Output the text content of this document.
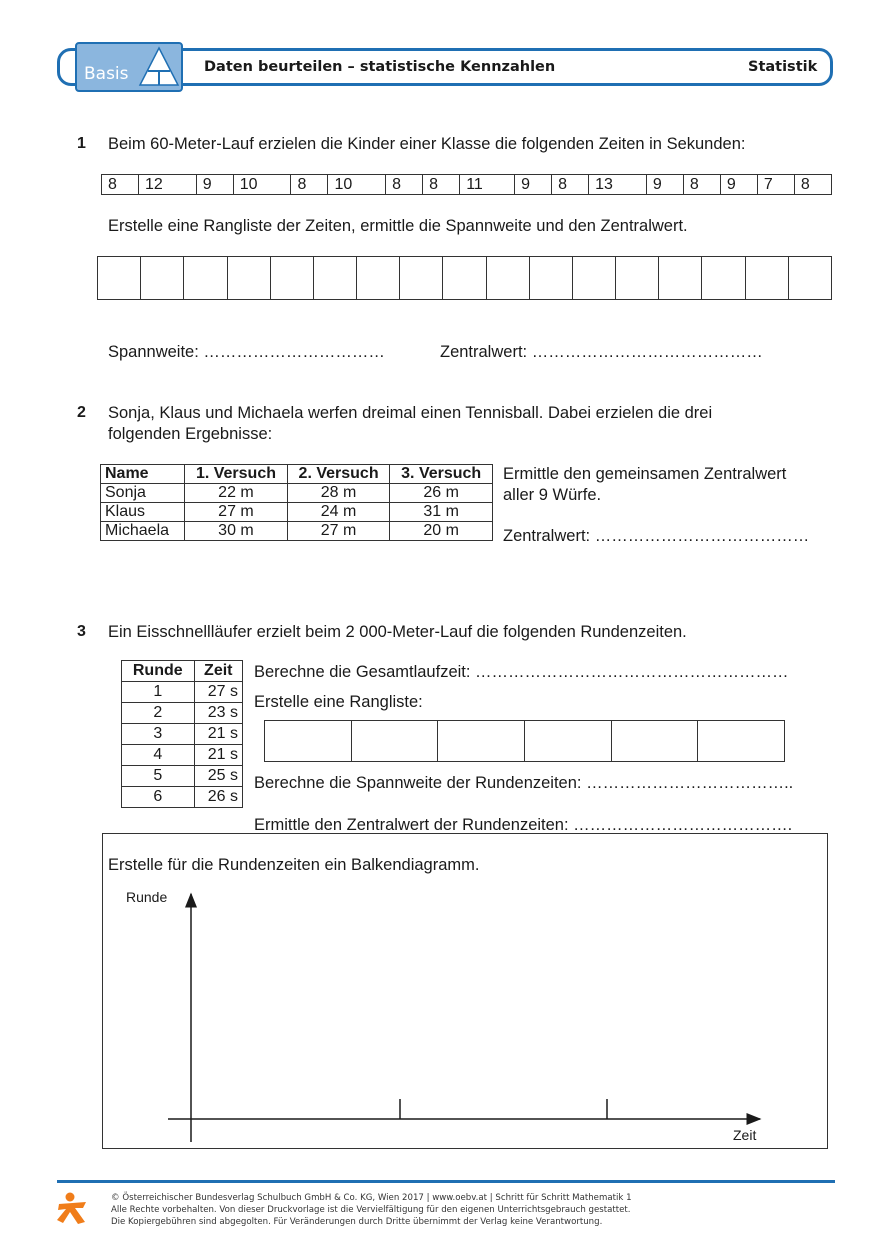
Basis	Daten beurteilen – statistische Kennzahlen	Statistik
1 Beim 60-Meter-Lauf erzielen die Kinder einer Klasse die folgenden Zeiten in Sekunden:
8	12	9	10	8	10	8	8	11	9	8	13	9	8	9	7	8
Erstelle eine Rangliste der Zeiten, ermittle die Spannweite und den Zentralwert.

Spannweite: ……………………………	Zentralwert: ……………………………………
2 Sonja, Klaus und Michaela werfen dreimal einen Tennisball. Dabei erzielen die drei
folgenden Ergebnisse:
Name	1. Versuch	2. Versuch	3. Versuch
Sonja	22 m	28 m	26 m
Klaus	27 m	24 m	31 m
Michaela	30 m	27 m	20 m
Ermittle den gemeinsamen Zentralwert
aller 9 Würfe.
Zentralwert: …………………………………
3 Ein Eisschnellläufer erzielt beim 2 000-Meter-Lauf die folgenden Rundenzeiten.
Runde	Zeit
1	27 s
2	23 s
3	21 s
4	21 s
5	25 s
6	26 s
Berechne die Gesamtlaufzeit: …………………………………………………
Erstelle eine Rangliste:

Berechne die Spannweite der Rundenzeiten: ………………………………..
Ermittle den Zentralwert der Rundenzeiten: ………………………………….
Erstelle für die Rundenzeiten ein Balkendiagramm.
Runde
Zeit
© Österreichischer Bundesverlag Schulbuch GmbH & Co. KG, Wien 2017 | www.oebv.at | Schritt für Schritt Mathematik 1
Alle Rechte vorbehalten. Von dieser Druckvorlage ist die Vervielfältigung für den eigenen Unterrichtsgebrauch gestattet.
Die Kopiergebühren sind abgegolten. Für Veränderungen durch Dritte übernimmt der Verlag keine Verantwortung.
